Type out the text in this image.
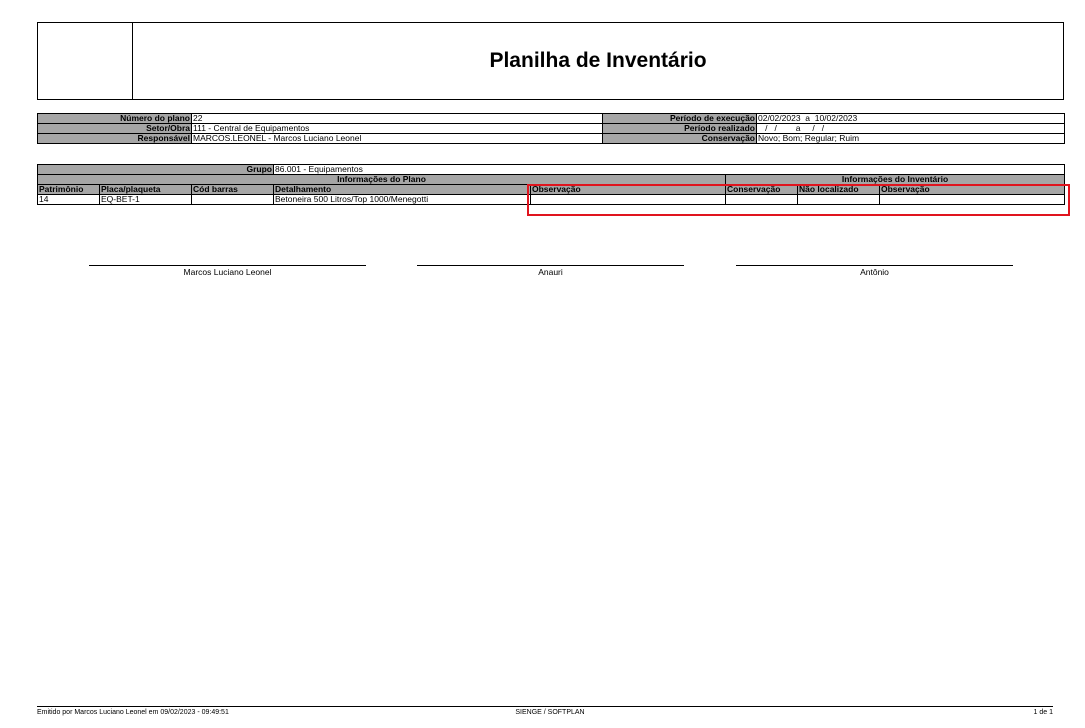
Planilha de Inventário
Número do plano	22	Período de execução	02/02/2023  a  10/02/2023
Setor/Obra	111 - Central de Equipamentos	Período realizado	/   /        a     /   /
Responsável	MARCOS.LEONEL - Marcos Luciano Leonel	Conservação	Novo; Bom; Regular; Ruim
Grupo			86.001 - Equipamentos				
Informações do Plano					Informações do Inventário		
Patrimônio	Placa/plaqueta	Cód barras	Detalhamento	Observação	Conservação	Não localizado	Observação
14	EQ-BET-1		Betoneira 500 Litros/Top 1000/Menegotti				
Marcos Luciano Leonel	Anauri	Antônio
Emitido por Marcos Luciano Leonel em 09/02/2023 - 09:49:51	SIENGE / SOFTPLAN	1 de 1
